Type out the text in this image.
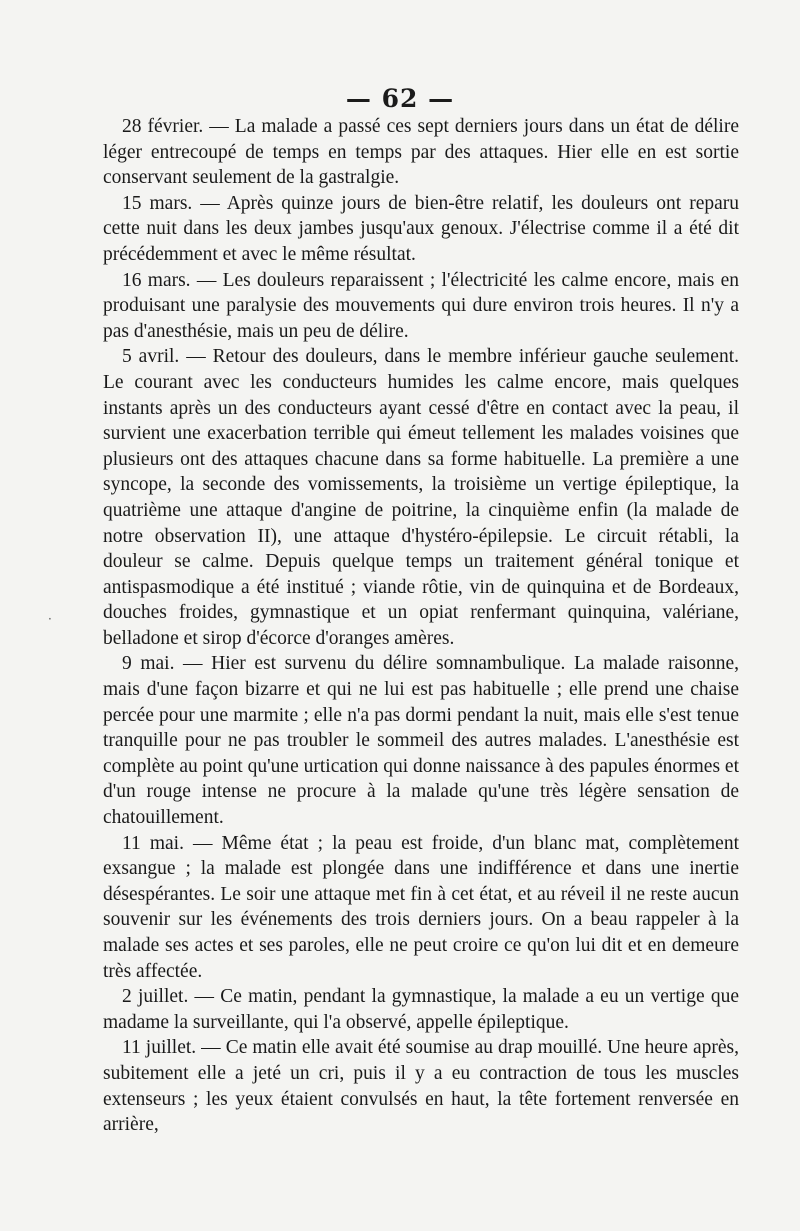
— 62 —
·

28 février. — La malade a passé ces sept derniers jours dans un état de délire léger entrecoupé de temps en temps par des attaques. Hier elle en est sortie conservant seulement de la gastralgie.

15 mars. — Après quinze jours de bien-être relatif, les douleurs ont reparu cette nuit dans les deux jambes jusqu'aux genoux. J'électrise comme il a été dit précédemment et avec le même résultat.

16 mars. — Les douleurs reparaissent ; l'électricité les calme encore, mais en produisant une paralysie des mouvements qui dure environ trois heures. Il n'y a pas d'anesthésie, mais un peu de délire.

5 avril. — Retour des douleurs, dans le membre inférieur gauche seulement. Le courant avec les conducteurs humides les calme encore, mais quelques instants après un des conducteurs ayant cessé d'être en contact avec la peau, il survient une exacerbation terrible qui émeut tellement les malades voisines que plusieurs ont des attaques chacune dans sa forme habituelle. La première a une syncope, la seconde des vomissements, la troisième un vertige épileptique, la quatrième une attaque d'angine de poitrine, la cinquième enfin (la malade de notre observation II), une attaque d'hystéro-épilepsie. Le circuit rétabli, la douleur se calme. Depuis quelque temps un traitement général tonique et antispasmodique a été institué ; viande rôtie, vin de quinquina et de Bordeaux, douches froides, gymnastique et un opiat renfermant quinquina, valériane, belladone et sirop d'écorce d'oranges amères.

9 mai. — Hier est survenu du délire somnambulique. La malade raisonne, mais d'une façon bizarre et qui ne lui est pas habituelle ; elle prend une chaise percée pour une marmite ; elle n'a pas dormi pendant la nuit, mais elle s'est tenue tranquille pour ne pas troubler le sommeil des autres malades. L'anesthésie est complète au point qu'une urtication qui donne naissance à des papules énormes et d'un rouge intense ne procure à la malade qu'une très légère sensation de chatouillement.

11 mai. — Même état ; la peau est froide, d'un blanc mat, complètement exsangue ; la malade est plongée dans une indifférence et dans une inertie désespérantes. Le soir une attaque met fin à cet état, et au réveil il ne reste aucun souvenir sur les événements des trois derniers jours. On a beau rappeler à la malade ses actes et ses paroles, elle ne peut croire ce qu'on lui dit et en demeure très affectée.

2 juillet. — Ce matin, pendant la gymnastique, la malade a eu un vertige que madame la surveillante, qui l'a observé, appelle épileptique.

11 juillet. — Ce matin elle avait été soumise au drap mouillé. Une heure après, subitement elle a jeté un cri, puis il y a eu contraction de tous les muscles extenseurs ; les yeux étaient convulsés en haut, la tête fortement renversée en arrière,
